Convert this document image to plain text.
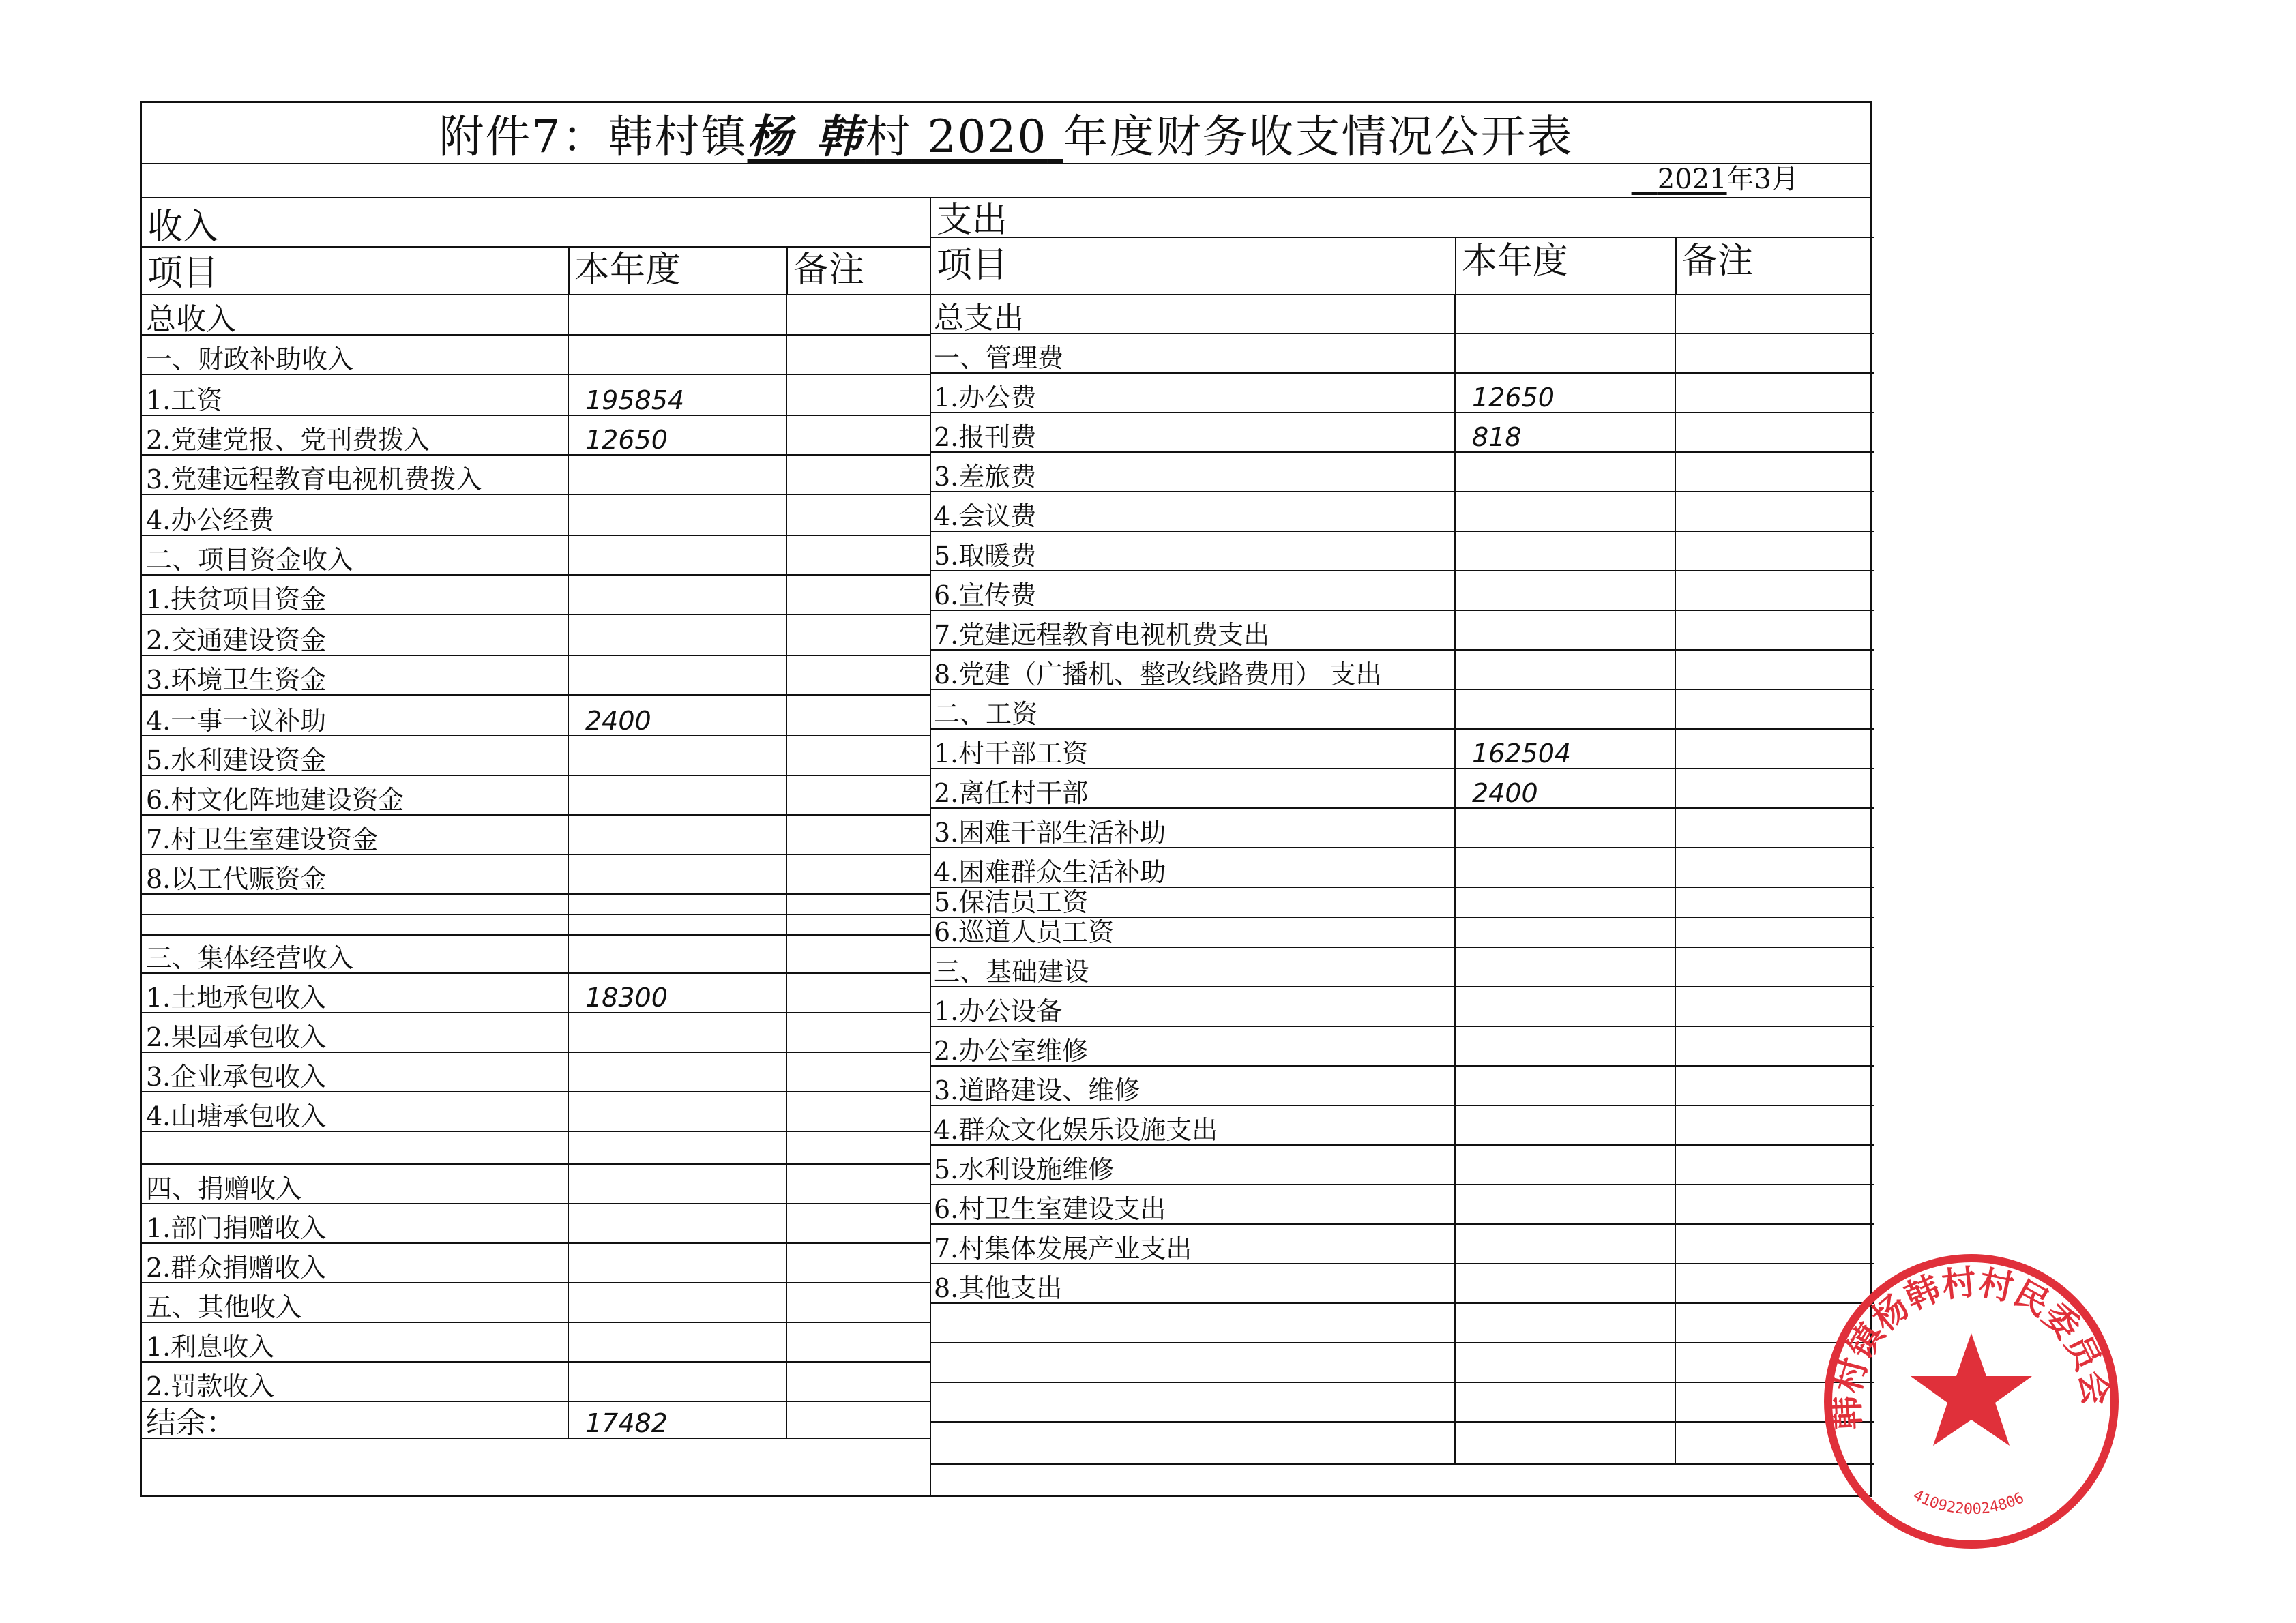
附件7：韩村镇杨 韩村 2020 年度财务收支情况公开表
2021年3月
收入	支出
项目	本年度	备注 项目	本年度	备注
总收入		
一、财政补助收入		
1.工资	195854	
2.党建党报、党刊费拨入	12650	
3.党建远程教育电视机费拨入		
4.办公经费		
二、项目资金收入		
1.扶贫项目资金		
2.交通建设资金		
3.环境卫生资金		
4.一事一议补助	2400	
5.水利建设资金		
6.村文化阵地建设资金		
7.村卫生室建设资金		
8.以工代赈资金		

三、集体经营收入		
1.土地承包收入	18300	
2.果园承包收入		
3.企业承包收入		
4.山塘承包收入		

四、捐赠收入		
1.部门捐赠收入		
2.群众捐赠收入		
五、其他收入		
1.利息收入		
2.罚款收入		
结余：	17482	
总支出		
一、管理费		
1.办公费	12650	
2.报刊费	818	
3.差旅费		
4.会议费		
5.取暖费		
6.宣传费		
7.党建远程教育电视机费支出		
8.党建（广播机、整改线路费用） 支出		
二、工资		
1.村干部工资	162504	
2.离任村干部	2400	
3.困难干部生活补助		
4.困难群众生活补助		
5.保洁员工资		
6.巡道人员工资		
三、基础建设		
1.办公设备		
2.办公室维修		
3.道路建设、维修		
4.群众文化娱乐设施支出		
5.水利设施维修		
6.村卫生室建设支出		
7.村集体发展产业支出		
8.其他支出		

韩村镇杨韩村村民委员会
4109220024806
